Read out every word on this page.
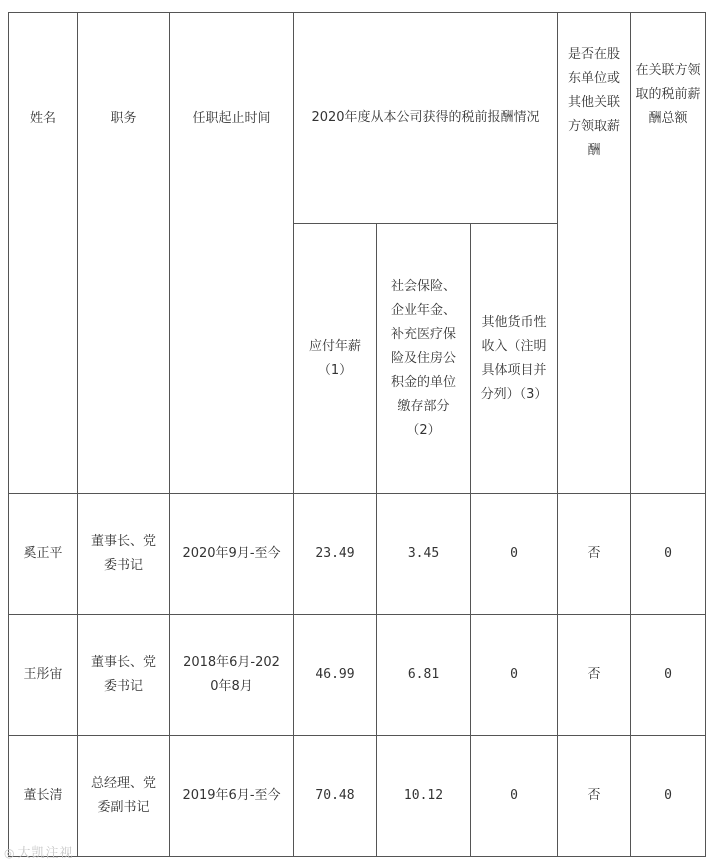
姓名	职务	任职起止时间	2020年度从本公司获得的税前报酬情况			是否在股东单位或其他关联方领取薪酬	在关联方领取的税前薪酬总额
			应付年薪（1）	社会保险、企业年金、补充医疗保险及住房公积金的单位缴存部分（2）	其他货币性收入（注明具体项目并分列）（3）		
奚正平	董事长、党委书记	2020年9月-至今	23.49	3.45	0	否	0
王彤宙	董事长、党委书记	2018年6月-2020年8月	46.99	6.81	0	否	0
董长清	总经理、党委副书记	2019年6月-至今	70.48	10.12	0	否	0
◎ 大凯注视
